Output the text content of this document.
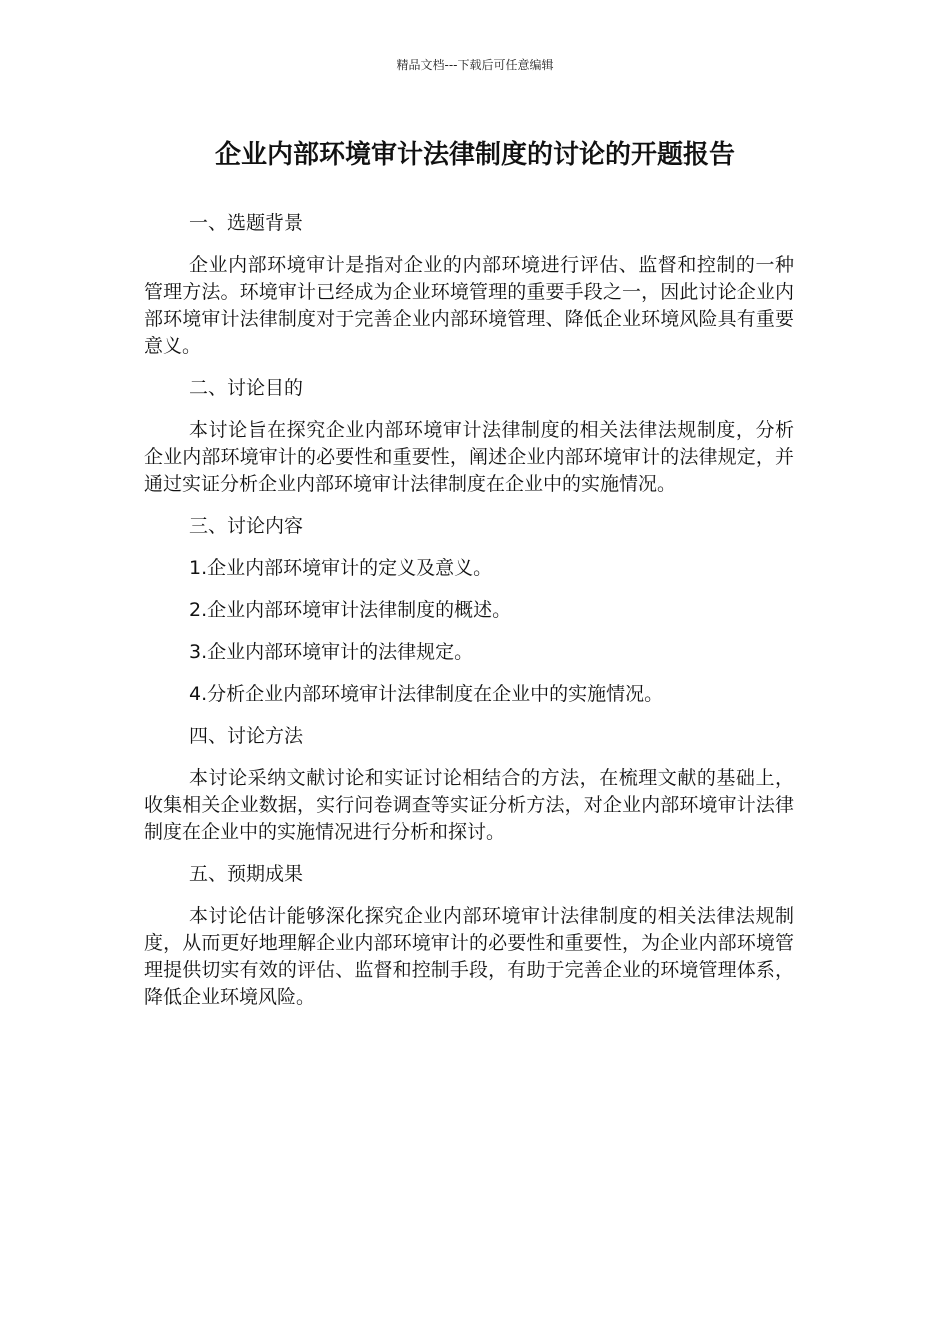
精品文档---下载后可任意编辑
企业内部环境审计法律制度的讨论的开题报告
一、选题背景

企业内部环境审计是指对企业的内部环境进行评估、监督和控制的一种管理方法。环境审计已经成为企业环境管理的重要手段之一，因此讨论企业内部环境审计法律制度对于完善企业内部环境管理、降低企业环境风险具有重要意义。

二、讨论目的

本讨论旨在探究企业内部环境审计法律制度的相关法律法规制度，分析企业内部环境审计的必要性和重要性，阐述企业内部环境审计的法律规定，并通过实证分析企业内部环境审计法律制度在企业中的实施情况。

三、讨论内容
1.企业内部环境审计的定义及意义。
2.企业内部环境审计法律制度的概述。
3.企业内部环境审计的法律规定。
4.分析企业内部环境审计法律制度在企业中的实施情况。
四、讨论方法

本讨论采纳文献讨论和实证讨论相结合的方法，在梳理文献的基础上，收集相关企业数据，实行问卷调查等实证分析方法，对企业内部环境审计法律制度在企业中的实施情况进行分析和探讨。

五、预期成果

本讨论估计能够深化探究企业内部环境审计法律制度的相关法律法规制度，从而更好地理解企业内部环境审计的必要性和重要性，为企业内部环境管理提供切实有效的评估、监督和控制手段，有助于完善企业的环境管理体系，降低企业环境风险。
